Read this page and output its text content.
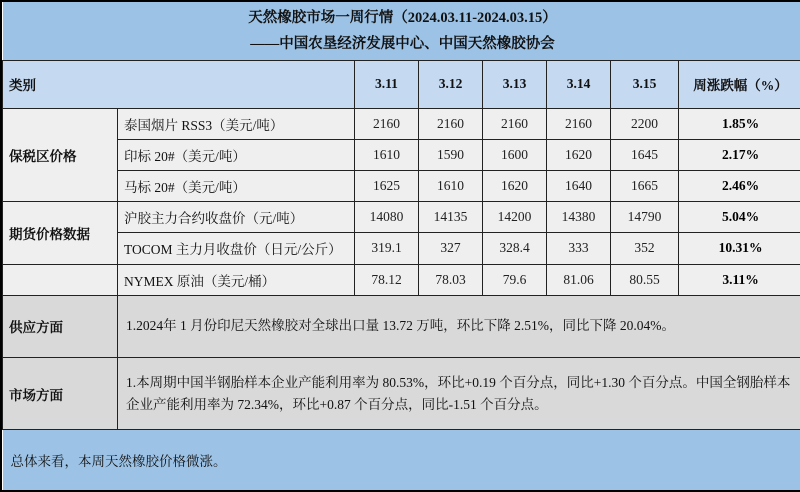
天然橡胶市场一周行情（2024.03.11-2024.03.15）
——中国农垦经济发展中心、中国天然橡胶协会							

类别		3.11	3.12	3.13	3.14	3.15	周涨跌幅（%）
保税区价格	泰国烟片 RSS3（美元/吨）	2160	2160	2160	2160	2200	1.85%
	印标 20#（美元/吨）	1610	1590	1600	1620	1645	2.17%
	马标 20#（美元/吨）	1625	1610	1620	1640	1665	2.46%
期货价格数据	沪胶主力合约收盘价（元/吨）	14080	14135	14200	14380	14790	5.04%
	TOCOM 主力月收盘价（日元/公斤）	319.1	327	328.4	333	352	10.31%
	NYMEX 原油（美元/桶）	78.12	78.03	79.6	81.06	80.55	3.11%
供应方面	1.2024年 1 月份印尼天然橡胶对全球出口量 13.72 万吨，环比下降 2.51%，同比下降 20.04%。						
市场方面	1.本周期中国半钢胎样本企业产能利用率为 80.53%，环比+0.19 个百分点，同比+1.30 个百分点。中国全钢胎样本企业产能利用率为 72.34%，环比+0.87 个百分点，同比-1.51 个百分点。						
总体来看，本周天然橡胶价格微涨。							
